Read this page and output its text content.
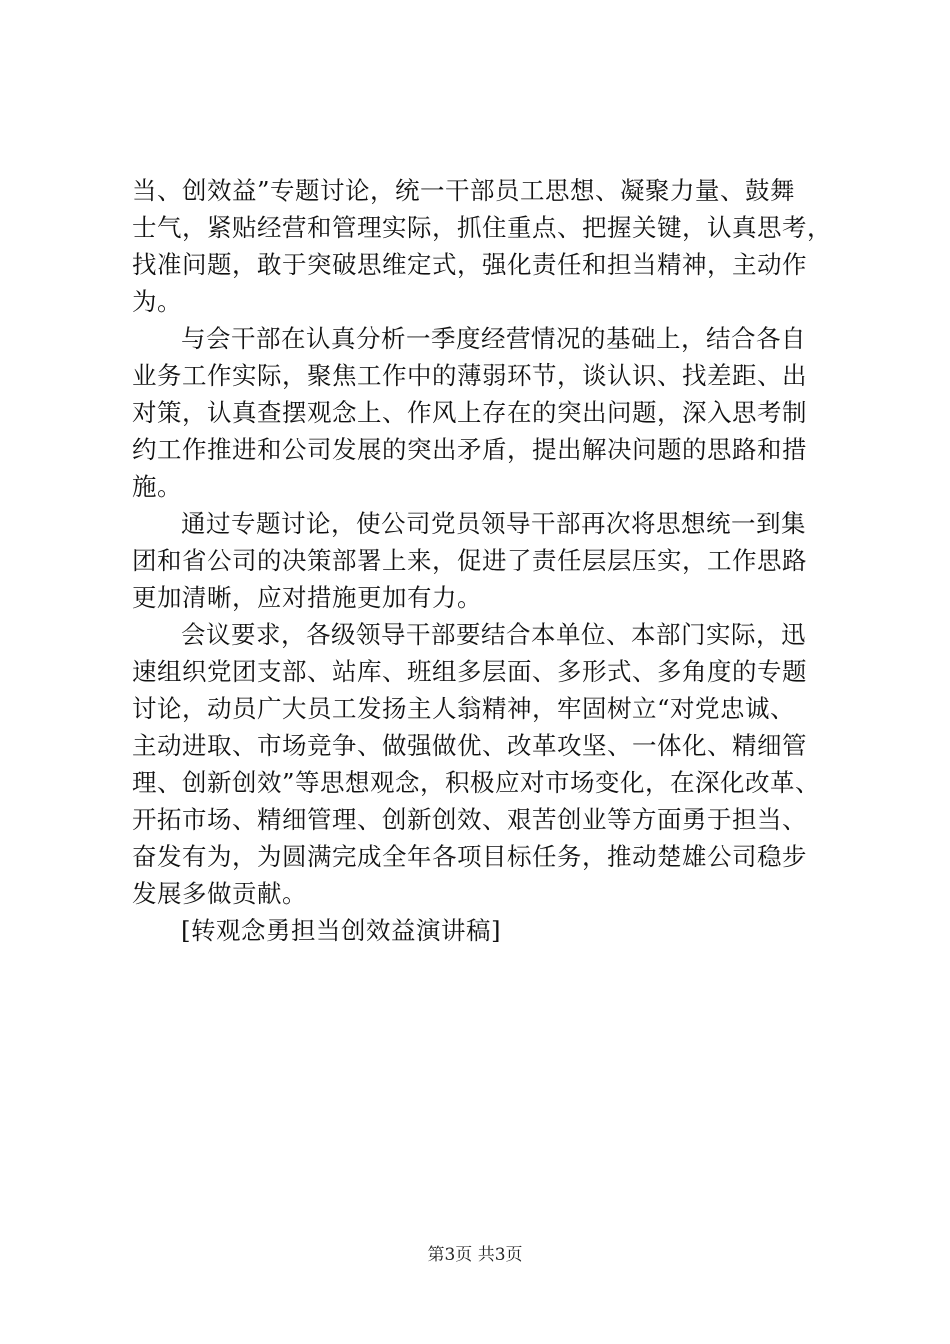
当、创效益”专题讨论，统一干部员工思想、凝聚力量、鼓舞
士气，紧贴经营和管理实际，抓住重点、把握关键，认真思考，
找准问题，敢于突破思维定式，强化责任和担当精神，主动作
为。
与会干部在认真分析一季度经营情况的基础上，结合各自
业务工作实际，聚焦工作中的薄弱环节，谈认识、找差距、出
对策，认真查摆观念上、作风上存在的突出问题，深入思考制
约工作推进和公司发展的突出矛盾，提出解决问题的思路和措
施。
通过专题讨论，使公司党员领导干部再次将思想统一到集
团和省公司的决策部署上来，促进了责任层层压实，工作思路
更加清晰，应对措施更加有力。
会议要求，各级领导干部要结合本单位、本部门实际，迅
速组织党团支部、站库、班组多层面、多形式、多角度的专题
讨论，动员广大员工发扬主人翁精神，牢固树立“对党忠诚、
主动进取、市场竞争、做强做优、改革攻坚、一体化、精细管
理、创新创效”等思想观念，积极应对市场变化，在深化改革、
开拓市场、精细管理、创新创效、艰苦创业等方面勇于担当、
奋发有为，为圆满完成全年各项目标任务，推动楚雄公司稳步
发展多做贡献。
[转观念勇担当创效益演讲稿]
第3页 共3页
